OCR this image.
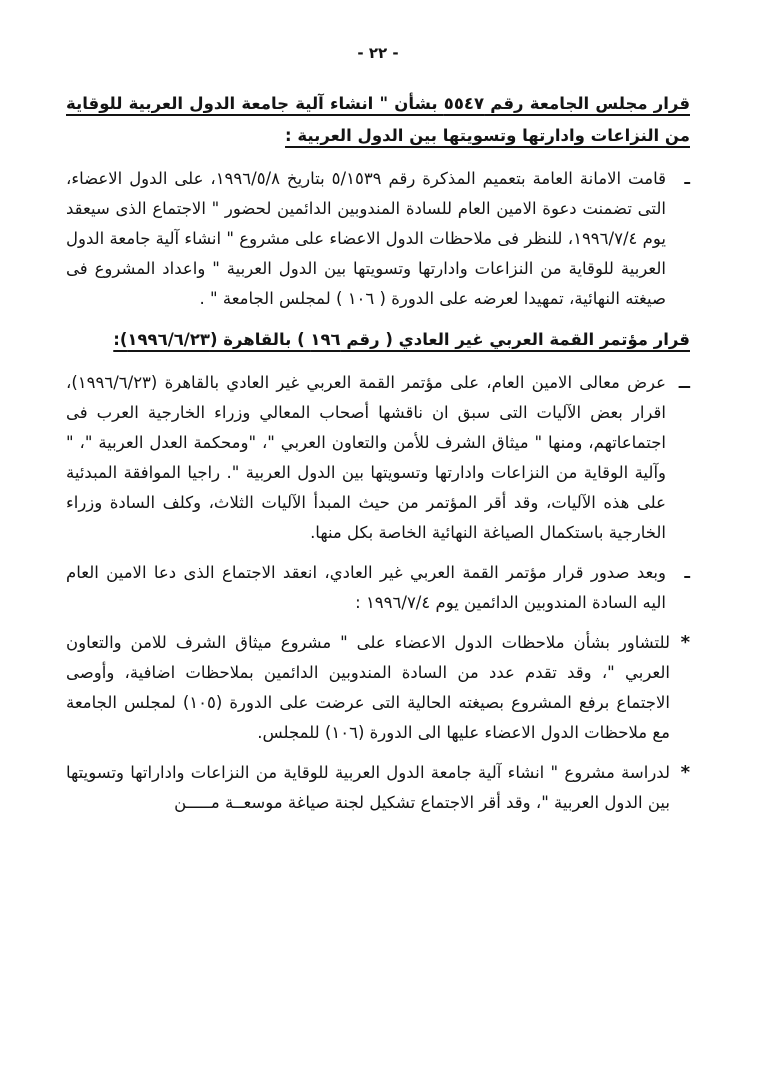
- ٢٢ -
قرار مجلس الجامعة رقم ٥٥٤٧ بشأن " انشاء آلية جامعة الدول العربية للوقاية من النزاعات وادارتها وتسويتها بين الدول العربية :
ـ
قامت الامانة العامة بتعميم المذكرة رقم ٥/١٥٣٩ بتاريخ ١٩٩٦/٥/٨، على الدول الاعضاء، التى تضمنت دعوة الامين العام للسادة المندوبين الدائمين لحضور " الاجتماع الذى سيعقد يوم ١٩٩٦/٧/٤، للنظر فى ملاحظات الدول الاعضاء على مشروع " انشاء آلية جامعة الدول العربية للوقاية من النزاعات وادارتها وتسويتها بين الدول العربية " واعداد المشروع فى صيغته النهائية، تمهيدا لعرضه على الدورة ( ١٠٦ ) لمجلس الجامعة " .
قرار مؤتمر القمة العربي غير العادي ( رقم ١٩٦ ) بالقاهرة (١٩٩٦/٦/٢٣):
ــ
عرض معالى الامين العام، على مؤتمر القمة العربي غير العادي بالقاهرة (١٩٩٦/٦/٢٣)، اقرار بعض الآليات التى سبق ان ناقشها أصحاب المعالي وزراء الخارجية العرب فى اجتماعاتهم، ومنها " ميثاق الشرف للأمن والتعاون العربي "، "ومحكمة العدل العربية "، " وآلية الوقاية من النزاعات وادارتها وتسويتها بين الدول العربية ". راجيا الموافقة المبدئية على هذه الآليات، وقد أقر المؤتمر من حيث المبدأ الآليات الثلاث، وكلف السادة وزراء الخارجية باستكمال الصياغة النهائية الخاصة بكل منها.
ـ
وبعد صدور قرار مؤتمر القمة العربي غير العادي، انعقد الاجتماع الذى دعا الامين العام اليه السادة المندوبين الدائمين يوم ١٩٩٦/٧/٤ :
*
للتشاور بشأن ملاحظات الدول الاعضاء على " مشروع ميثاق الشرف للامن والتعاون العربي "، وقد تقدم عدد من السادة المندوبين الدائمين بملاحظات اضافية، وأوصى الاجتماع برفع المشروع بصيغته الحالية التى عرضت على الدورة (١٠٥) لمجلس الجامعة مع ملاحظات الدول الاعضاء عليها الى الدورة (١٠٦) للمجلس.
*
لدراسة مشروع " انشاء آلية جامعة الدول العربية للوقاية من النزاعات واداراتها وتسويتها بين الدول العربية "، وقد أقر الاجتماع تشكيل لجنة صياغة موسعــة مـــــن
